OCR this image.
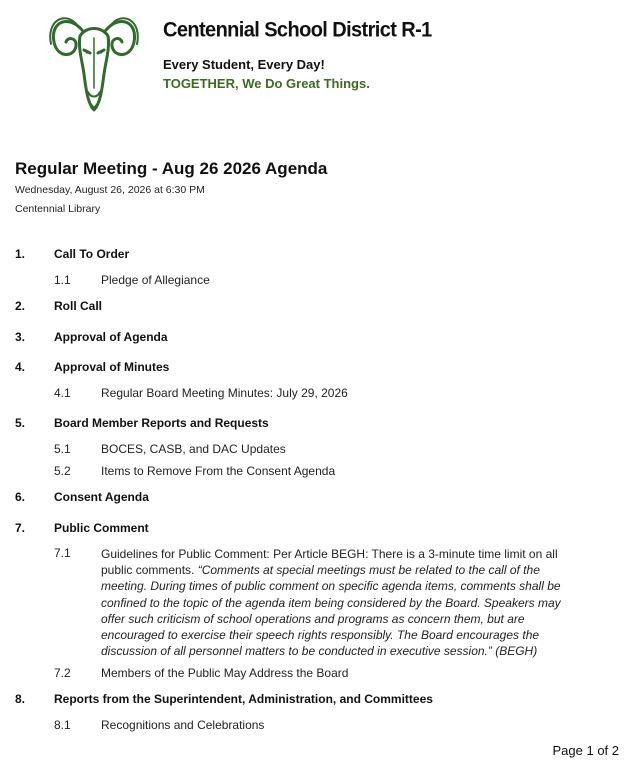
Centennial School District R-1
Every Student, Every Day!
TOGETHER, We Do Great Things.
Regular Meeting - Aug 26 2026 Agenda
Wednesday, August 26, 2026 at 6:30 PM
Centennial Library
1. Call To Order
1.1	Pledge of Allegiance
2. Roll Call
3. Approval of Agenda
4. Approval of Minutes
4.1	Regular Board Meeting Minutes: July 29, 2026
5. Board Member Reports and Requests
5.1	BOCES, CASB, and DAC Updates
5.2	Items to Remove From the Consent Agenda
6. Consent Agenda
7. Public Comment
7.1	Guidelines for Public Comment: Per Article BEGH: There is a 3-minute time limit on all public comments. “Comments at special meetings must be related to the call of the meeting. During times of public comment on specific agenda items, comments shall be confined to the topic of the agenda item being considered by the Board. Speakers may offer such criticism of school operations and programs as concern them, but are encouraged to exercise their speech rights responsibly. The Board encourages the discussion of all personnel matters to be conducted in executive session.” (BEGH)
7.2	Members of the Public May Address the Board
8. Reports from the Superintendent, Administration, and Committees
8.1	Recognitions and Celebrations
Page 1 of 2
